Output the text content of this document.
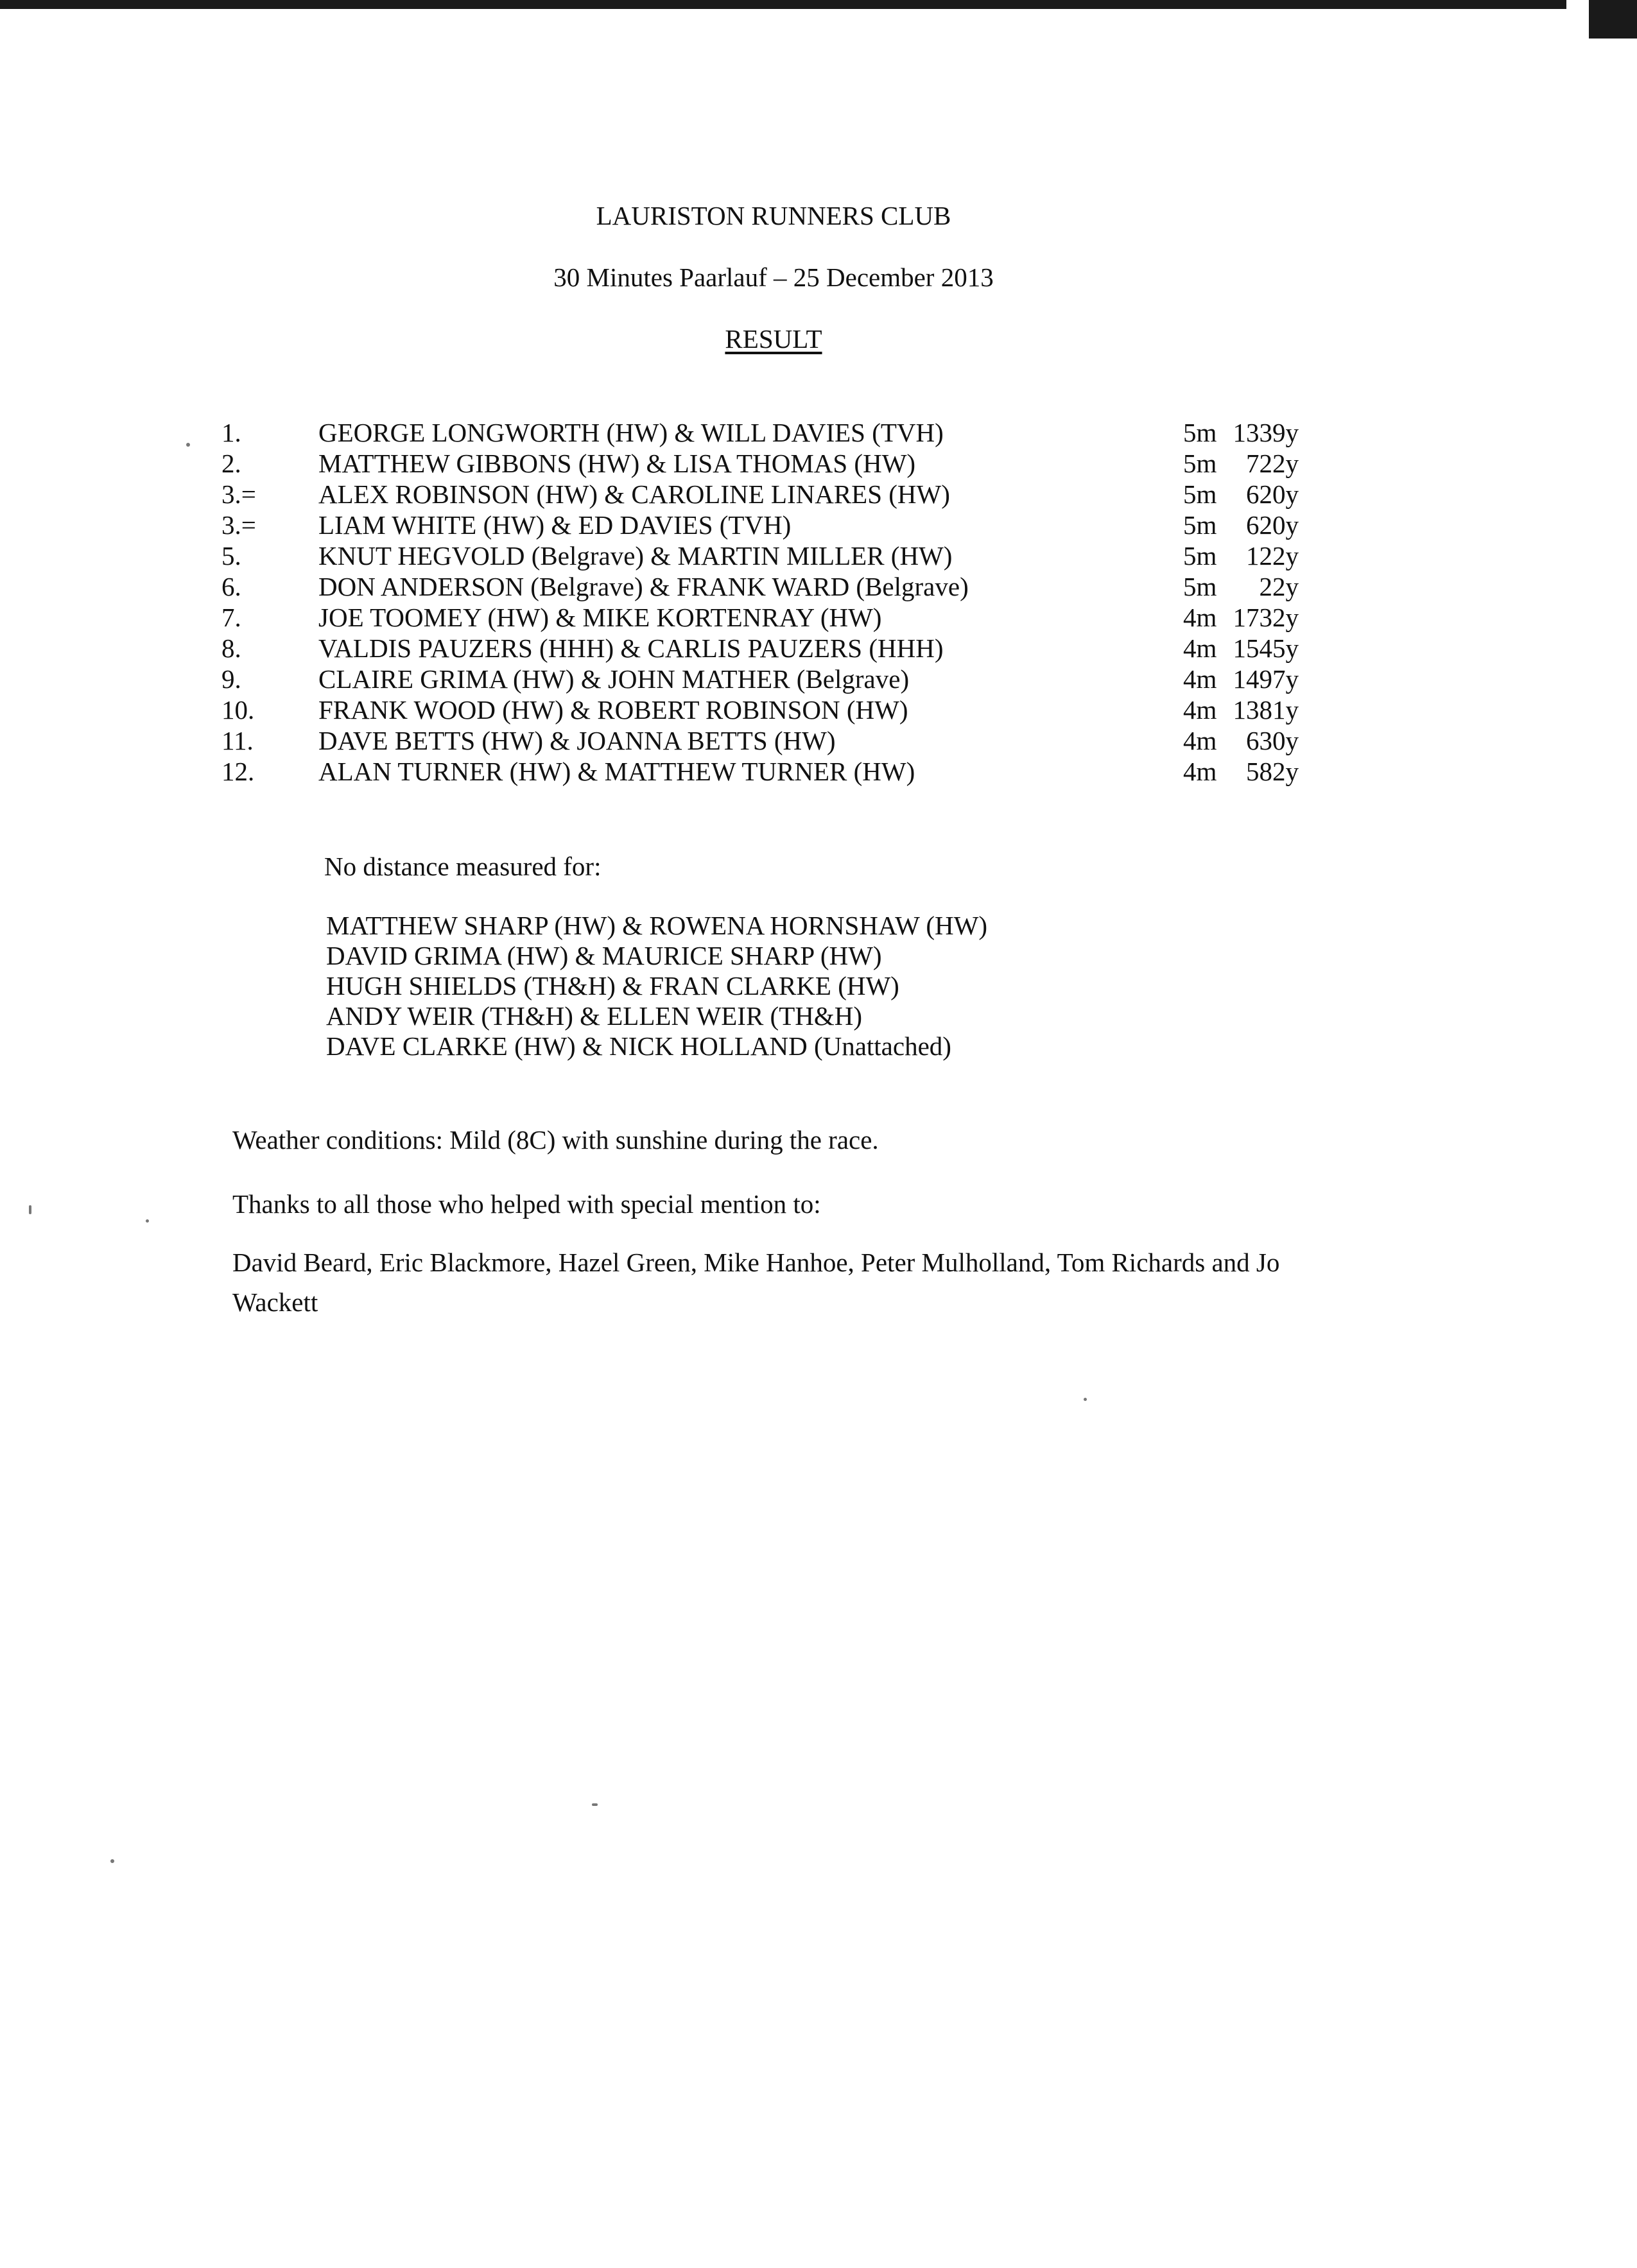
LAURISTON RUNNERS CLUB
30 Minutes Paarlauf – 25 December 2013
RESULT
1.	GEORGE LONGWORTH (HW) & WILL DAVIES (TVH)	5m 1339y
2.	MATTHEW GIBBONS (HW) & LISA THOMAS (HW)	5m 722y
3.= ALEX ROBINSON (HW) & CAROLINE LINARES (HW)	5m 620y
3.= LIAM WHITE (HW) & ED DAVIES (TVH)	5m 620y
5.	KNUT HEGVOLD (Belgrave) & MARTIN MILLER (HW)	5m 122y
6.	DON ANDERSON (Belgrave) & FRANK WARD (Belgrave)	5m 22y
7.	JOE TOOMEY (HW) & MIKE KORTENRAY (HW)	4m 1732y
8.	VALDIS PAUZERS (HHH) & CARLIS PAUZERS (HHH)	4m 1545y
9.	CLAIRE GRIMA (HW) & JOHN MATHER (Belgrave)	4m 1497y
10. FRANK WOOD (HW) & ROBERT ROBINSON (HW)	4m 1381y
11. DAVE BETTS (HW) & JOANNA BETTS (HW)	4m 630y
12. ALAN TURNER (HW) & MATTHEW TURNER (HW)	4m 582y
No distance measured for:
MATTHEW SHARP (HW) & ROWENA HORNSHAW (HW)
DAVID GRIMA (HW) & MAURICE SHARP (HW)
HUGH SHIELDS (TH&H) & FRAN CLARKE (HW)
ANDY WEIR (TH&H) & ELLEN WEIR (TH&H)
DAVE CLARKE (HW) & NICK HOLLAND (Unattached)
Weather conditions: Mild (8C) with sunshine during the race.
Thanks to all those who helped with special mention to:
David Beard, Eric Blackmore, Hazel Green, Mike Hanhoe, Peter Mulholland, Tom Richards and Jo Wackett
